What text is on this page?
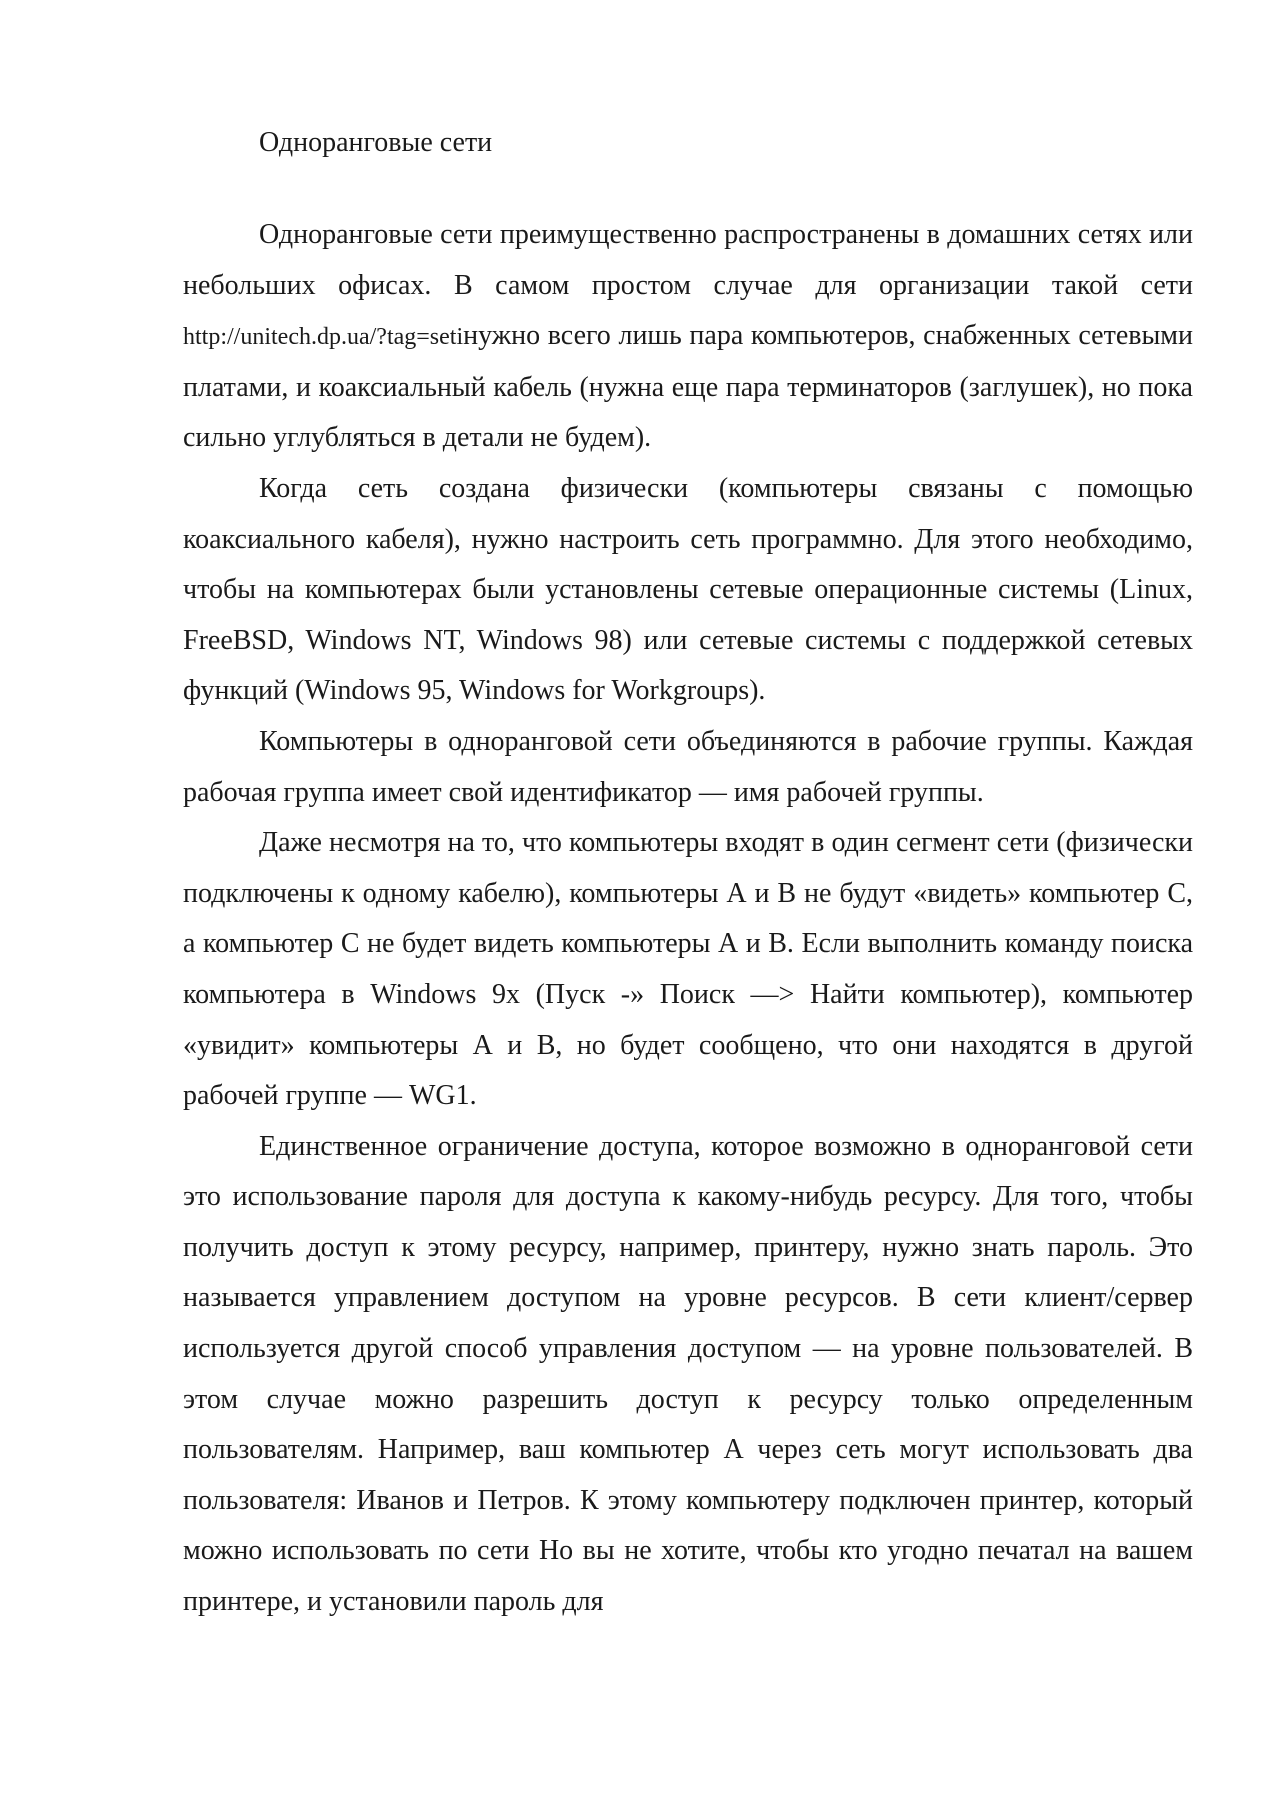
Одноранговые сети

Одноранговые сети преимущественно распространены в домашних сетях или небольших офисах. В самом простом случае для организации такой сети http://unitech.dp.ua/?tag=setiнужно всего лишь пара компьютеров, снабженных сетевыми платами, и коаксиальный кабель (нужна еще пара терминаторов (заглушек), но пока сильно углубляться в детали не будем).

Когда сеть создана физически (компьютеры связаны с помощью коаксиального кабеля), нужно настроить сеть программно. Для этого необходимо, чтобы на компьютерах были установлены сетевые операционные системы (Linux, FreeBSD, Windows NT, Windows 98) или сетевые системы с поддержкой сетевых функций (Windows 95, Windows for Workgroups).

Компьютеры в одноранговой сети объединяются в рабочие группы. Каждая рабочая группа имеет свой идентификатор — имя рабочей группы.

Даже несмотря на то, что компьютеры входят в один сегмент сети (физически подключены к одному кабелю), компьютеры А и В не будут «видеть» компьютер С, а компьютер С не будет видеть компьютеры А и В. Если выполнить команду поиска компьютера в Windows 9x (Пуск -» Поиск —> Найти компьютер), компьютер «увидит» компьютеры А и В, но будет сообщено, что они находятся в другой рабочей группе — WG1.

Единственное ограничение доступа, которое возможно в одноранговой сети это использование пароля для доступа к какому-нибудь ресурсу. Для того, чтобы получить доступ к этому ресурсу, например, принтеру, нужно знать пароль. Это называется управлением доступом на уровне ресурсов. В сети клиент/сервер используется другой способ управления доступом — на уровне пользователей. В этом случае можно разрешить доступ к ресурсу только определенным пользователям. Например, ваш компьютер А через сеть могут использовать два пользователя: Иванов и Петров. К этому компьютеру подключен принтер, который можно использовать по сети Но вы не хотите, чтобы кто угодно печатал на вашем принтере, и установили пароль для
